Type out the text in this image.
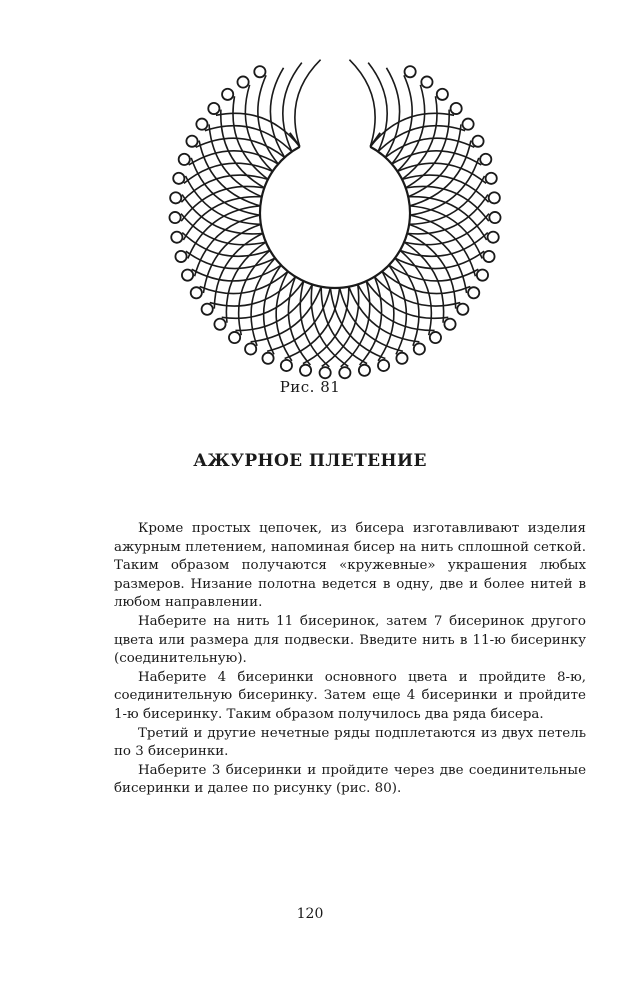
Рис. 81
АЖУРНОЕ ПЛЕТЕНИЕ

Кроме простых цепочек, из бисера изготавливают изделия ажурным плетением, напоминая бисер на нить сплошной сеткой. Таким образом получаются «кружевные» украшения любых размеров. Низание полотна ведется в одну, две и более нитей в любом направлении.

Наберите на нить 11 бисеринок, затем 7 бисеринок другого цвета или размера для подвески. Введите нить в 11-ю бисеринку (соединительную).

Наберите 4 бисеринки основного цвета и пройдите 8-ю, соединительную бисеринку. Затем еще 4 бисеринки и пройдите 1-ю бисеринку. Таким образом получилось два ряда бисера.

Третий и другие нечетные ряды подплетаются из двух петель по 3 бисеринки.

Наберите 3 бисеринки и пройдите через две соединительные бисеринки и далее по рисунку (рис. 80).

120
